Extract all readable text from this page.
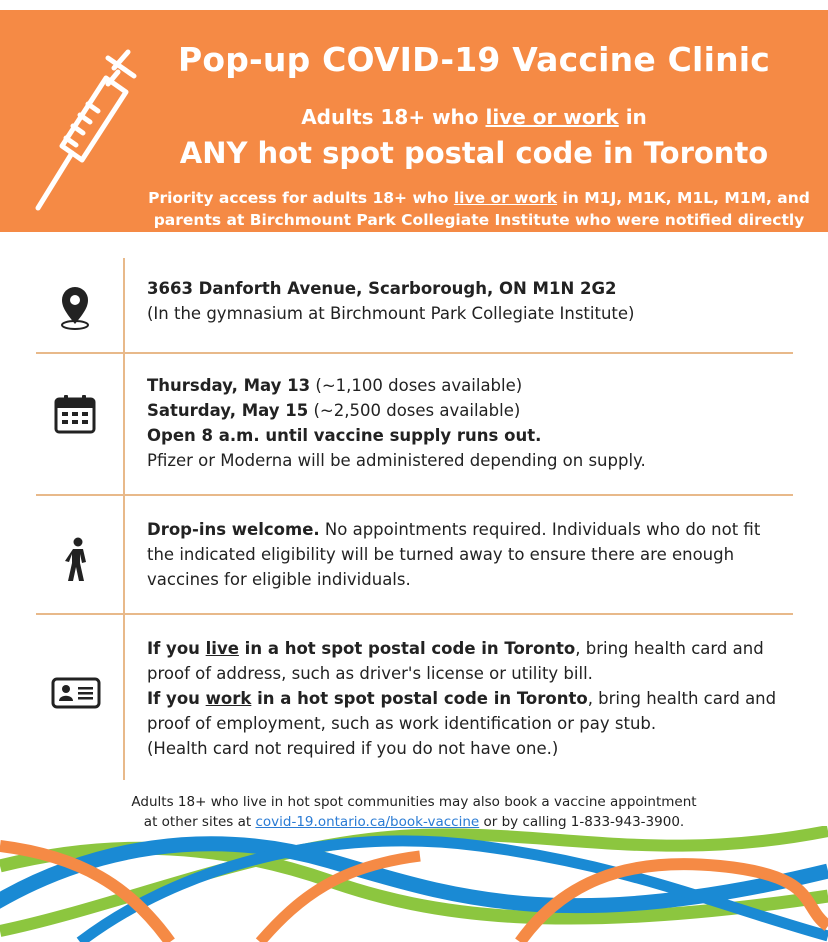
Pop-up COVID-19 Vaccine Clinic
Adults 18+ who live or work in
ANY hot spot postal code in Toronto
Priority access for adults 18+ who live or work in M1J, M1K, M1L, M1M, and
parents at Birchmount Park Collegiate Institute who were notified directly
3663 Danforth Avenue, Scarborough, ON M1N 2G2
(In the gymnasium at Birchmount Park Collegiate Institute)
Thursday, May 13 (~1,100 doses available)
Saturday, May 15 (~2,500 doses available)
Open 8 a.m. until vaccine supply runs out.
Pfizer or Moderna will be administered depending on supply.
Drop-ins welcome. No appointments required. Individuals who do not fit the indicated eligibility will be turned away to ensure there are enough vaccines for eligible individuals.
If you live in a hot spot postal code in Toronto, bring health card and proof of address, such as driver's license or utility bill.
If you work in a hot spot postal code in Toronto, bring health card and proof of employment, such as work identification or pay stub.
(Health card not required if you do not have one.)
Adults 18+ who live in hot spot communities may also book a vaccine appointment
at other sites at covid-19.ontario.ca/book-vaccine or by calling 1-833-943-3900.
